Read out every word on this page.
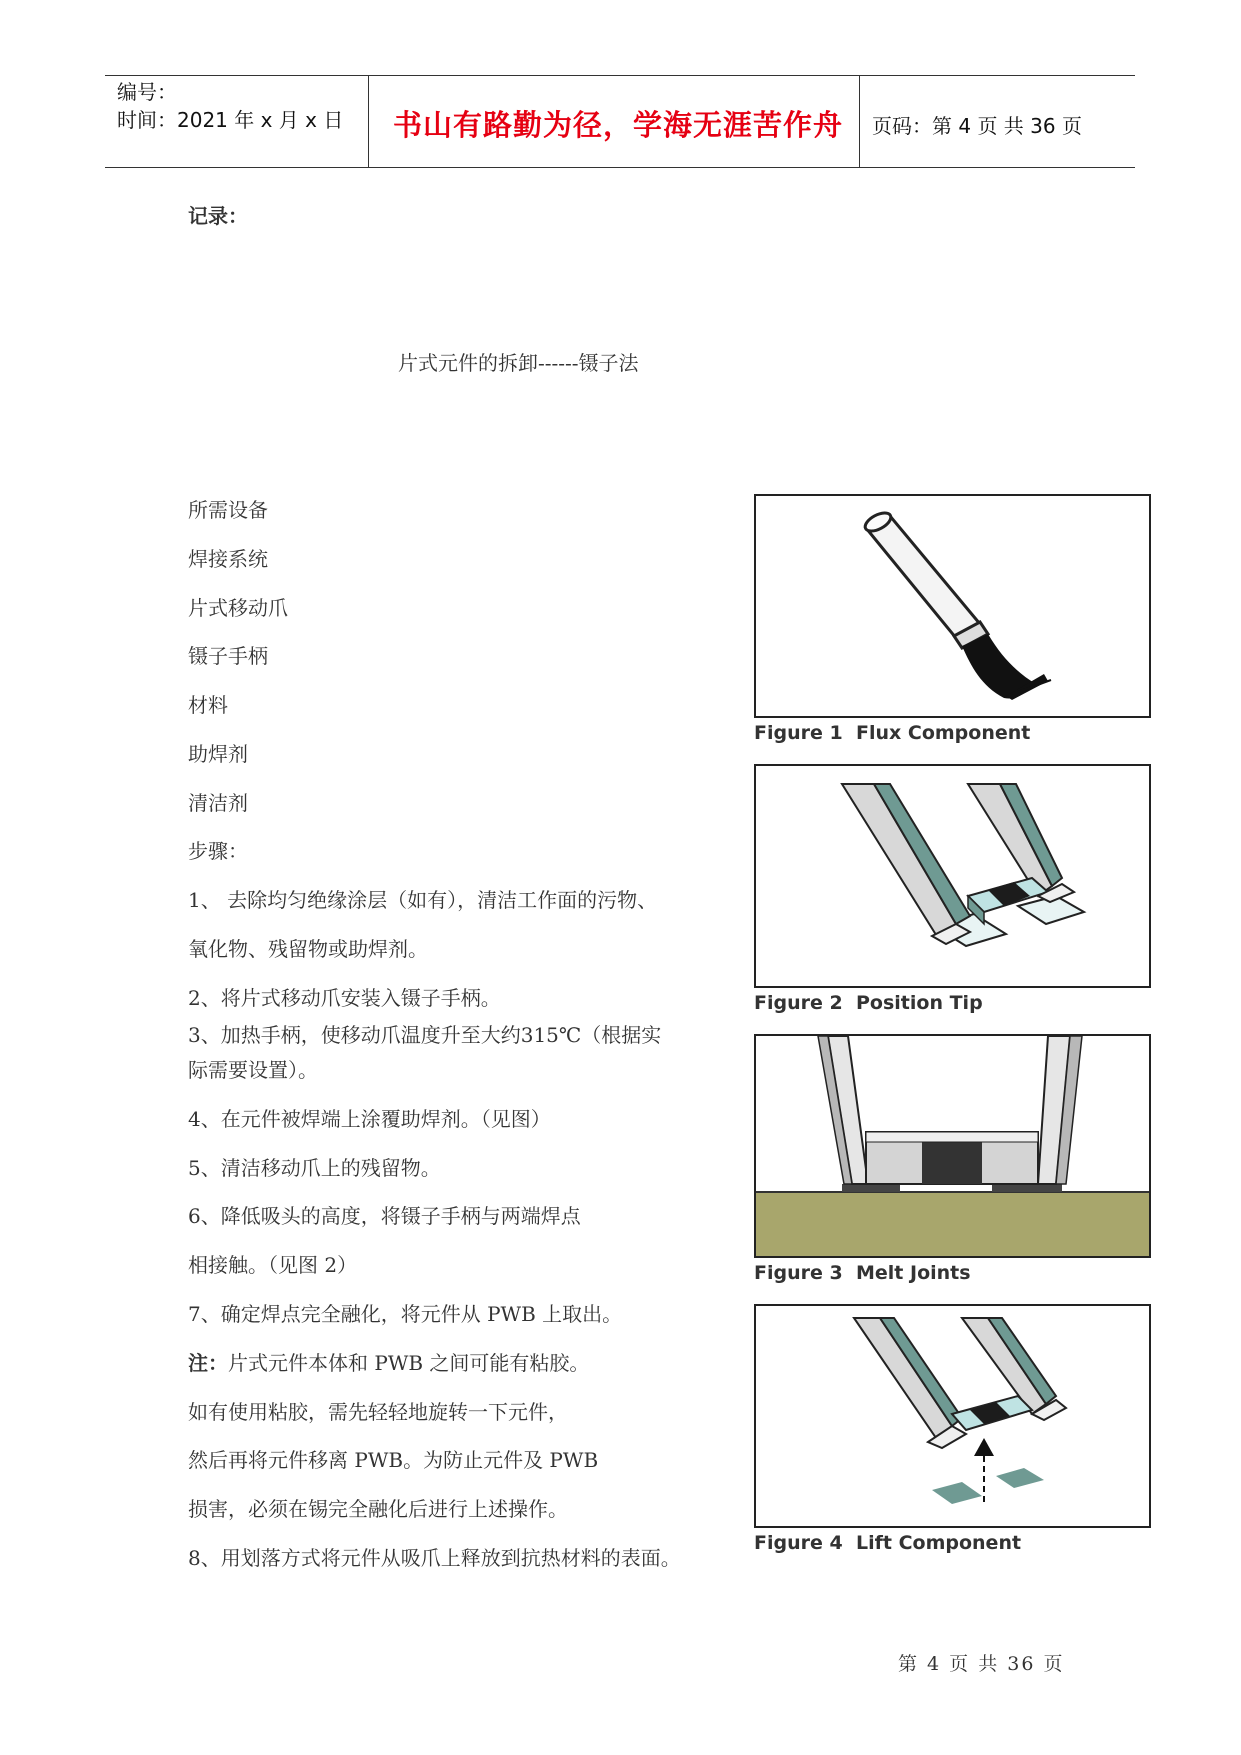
编号：
时间：2021 年 x 月 x 日 书山有路勤为径，学海无涯苦作舟 页码：第 4 页 共 36 页
记录：
片式元件的拆卸------镊子法
所需设备
焊接系统
片式移动爪
镊子手柄
材料
助焊剂
清洁剂
步骤：
1、 去除均匀绝缘涂层（如有），清洁工作面的污物、
氧化物、残留物或助焊剂。
2、将片式移动爪安装入镊子手柄。
3、加热手柄，使移动爪温度升至大约315℃（根据实
际需要设置）。
4、在元件被焊端上涂覆助焊剂。（见图）
5、清洁移动爪上的残留物。
6、降低吸头的高度，将镊子手柄与两端焊点
相接触。（见图 2）
7、确定焊点完全融化，将元件从 PWB 上取出。
注：片式元件本体和 PWB 之间可能有粘胶。
如有使用粘胶，需先轻轻地旋转一下元件，
然后再将元件移离 PWB。为防止元件及 PWB
损害，必须在锡完全融化后进行上述操作。
8、用划落方式将元件从吸爪上释放到抗热材料的表面。
Figure 1 Flux Component
Figure 2 Position Tip
Figure 3 Melt Joints
Figure 4 Lift Component
第 4 页 共 36 页
